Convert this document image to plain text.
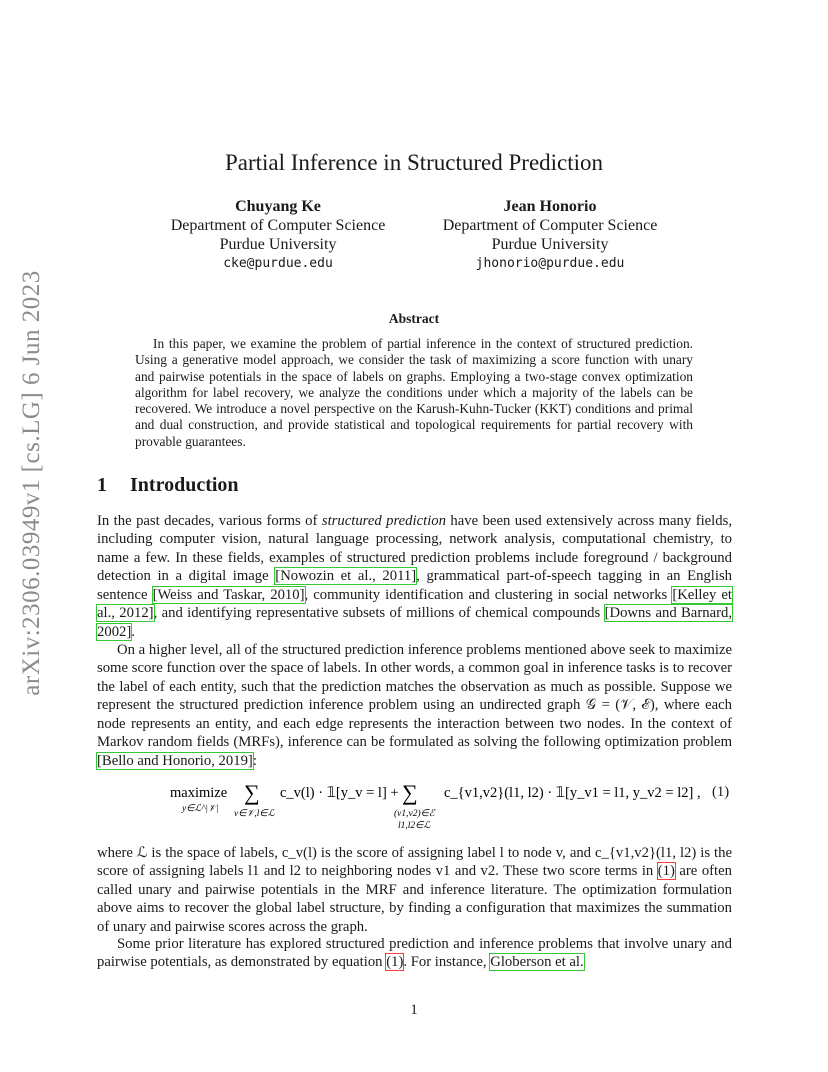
arXiv:2306.03949v1 [cs.LG] 6 Jun 2023
Partial Inference in Structured Prediction
Chuyang Ke
Department of Computer Science
Purdue University
cke@purdue.edu
Jean Honorio
Department of Computer Science
Purdue University
jhonorio@purdue.edu
Abstract

In this paper, we examine the problem of partial inference in the context of structured prediction. Using a generative model approach, we consider the task of maximizing a score function with unary and pairwise potentials in the space of labels on graphs. Employing a two-stage convex optimization algorithm for label recovery, we analyze the conditions under which a majority of the labels can be recovered. We introduce a novel perspective on the Karush-Kuhn-Tucker (KKT) conditions and primal and dual construction, and provide statistical and topological requirements for partial recovery with provable guarantees.

1 Introduction

In the past decades, various forms of structured prediction have been used extensively across many fields, including computer vision, natural language processing, network analysis, computational chemistry, to name a few. In these fields, examples of structured prediction problems include foreground / background detection in a digital image [Nowozin et al., 2011], grammatical part-of-speech tagging in an English sentence [Weiss and Taskar, 2010], community identification and clustering in social networks [Kelley et al., 2012], and identifying representative subsets of millions of chemical compounds [Downs and Barnard, 2002].

On a higher level, all of the structured prediction inference problems mentioned above seek to maximize some score function over the space of labels. In other words, a common goal in inference tasks is to recover the label of each entity, such that the prediction matches the observation as much as possible. Suppose we represent the structured prediction inference problem using an undirected graph 𝒢 = (𝒱, ℰ), where each node represents an entity, and each edge represents the interaction between two nodes. In the context of Markov random fields (MRFs), inference can be formulated as solving the following optimization problem [Bello and Honorio, 2019]:

maximize
y∈ℒ^|𝒱|
∑
v∈𝒱,l∈ℒ
c_v(l) · 𝟙[y_v = l] + ∑
(v1,v2)∈ℰ
l1,l2∈ℒ
c_{v1,v2}(l1, l2) · 𝟙[y_v1 = l1, y_v2 = l2] , (1)

where ℒ is the space of labels, c_v(l) is the score of assigning label l to node v, and c_{v1,v2}(l1, l2) is the score of assigning labels l1 and l2 to neighboring nodes v1 and v2. These two score terms in (1) are often called unary and pairwise potentials in the MRF and inference literature. The optimization formulation above aims to recover the global label structure, by finding a configuration that maximizes the summation of unary and pairwise scores across the graph.

Some prior literature has explored structured prediction and inference problems that involve unary and pairwise potentials, as demonstrated by equation (1). For instance, Globerson et al.

1
